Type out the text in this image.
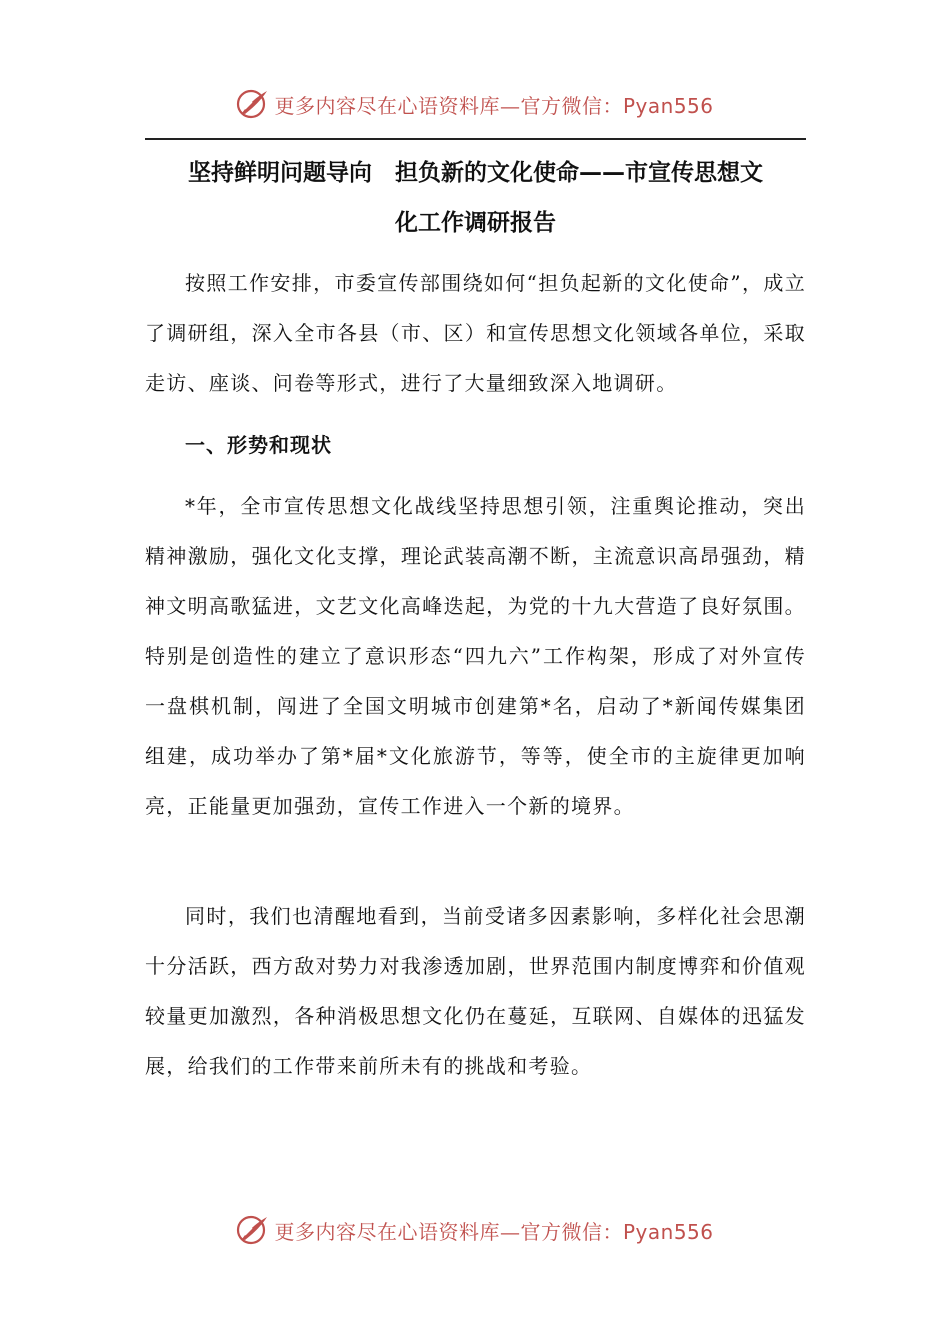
更多内容尽在心语资料库—官方微信：Pyan556
坚持鲜明问题导向　担负新的文化使命——市宣传思想文
化工作调研报告

按照工作安排，市委宣传部围绕如何“担负起新的文化使命”，成立了调研组，深入全市各县（市、区）和宣传思想文化领域各单位，采取走访、座谈、问卷等形式，进行了大量细致深入地调研。

一、形势和现状

*年，全市宣传思想文化战线坚持思想引领，注重舆论推动，突出精神激励，强化文化支撑，理论武装高潮不断，主流意识高昂强劲，精神文明高歌猛进，文艺文化高峰迭起，为党的十九大营造了良好氛围。特别是创造性的建立了意识形态“四九六”工作构架，形成了对外宣传一盘棋机制，闯进了全国文明城市创建第*名，启动了*新闻传媒集团组建，成功举办了第*届*文化旅游节，等等，使全市的主旋律更加响亮，正能量更加强劲，宣传工作进入一个新的境界。

同时，我们也清醒地看到，当前受诸多因素影响，多样化社会思潮十分活跃，西方敌对势力对我渗透加剧，世界范围内制度博弈和价值观较量更加激烈，各种消极思想文化仍在蔓延，互联网、自媒体的迅猛发展，给我们的工作带来前所未有的挑战和考验。

更多内容尽在心语资料库—官方微信：Pyan556
